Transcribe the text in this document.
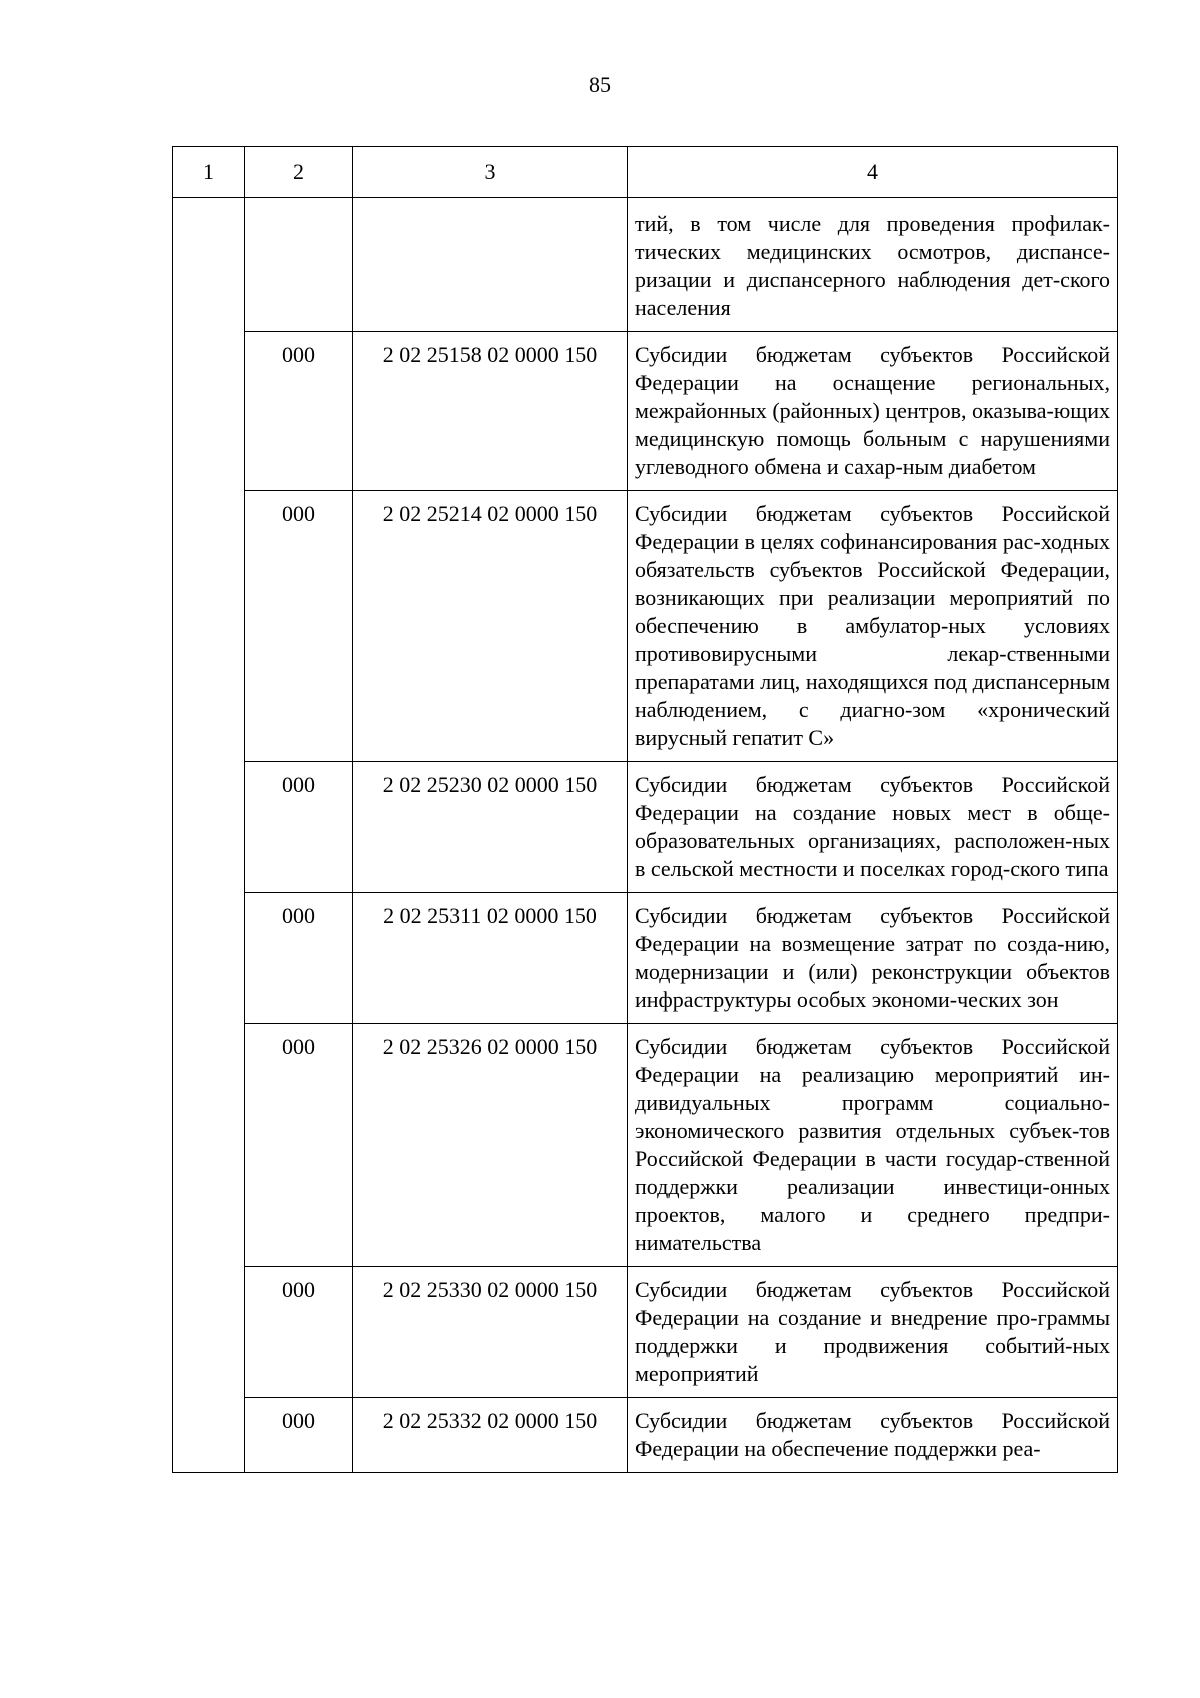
85
1	2	3	4
			тий, в том числе для проведения профилак-тических медицинских осмотров, диспансе-ризации и диспансерного наблюдения дет-ского населения
	000	2 02 25158 02 0000 150	Субсидии бюджетам субъектов Российской Федерации на оснащение региональных, межрайонных (районных) центров, оказыва-ющих медицинскую помощь больным с нарушениями углеводного обмена и сахар-ным диабетом
	000	2 02 25214 02 0000 150	Субсидии бюджетам субъектов Российской Федерации в целях софинансирования рас-ходных обязательств субъектов Российской Федерации, возникающих при реализации мероприятий по обеспечению в амбулатор-ных условиях противовирусными лекар-ственными препаратами лиц, находящихся под диспансерным наблюдением, с диагно-зом «хронический вирусный гепатит С»
	000	2 02 25230 02 0000 150	Субсидии бюджетам субъектов Российской Федерации на создание новых мест в обще-образовательных организациях, расположен-ных в сельской местности и поселках город-ского типа
	000	2 02 25311 02 0000 150	Субсидии бюджетам субъектов Российской Федерации на возмещение затрат по созда-нию, модернизации и (или) реконструкции объектов инфраструктуры особых экономи-ческих зон
	000	2 02 25326 02 0000 150	Субсидии бюджетам субъектов Российской Федерации на реализацию мероприятий ин-дивидуальных программ социально-экономического развития отдельных субъек-тов Российской Федерации в части государ-ственной поддержки реализации инвестици-онных проектов, малого и среднего предпри-нимательства
	000	2 02 25330 02 0000 150	Субсидии бюджетам субъектов Российской Федерации на создание и внедрение про-граммы поддержки и продвижения событий-ных мероприятий
	000	2 02 25332 02 0000 150	Субсидии бюджетам субъектов Российской Федерации на обеспечение поддержки реа-
